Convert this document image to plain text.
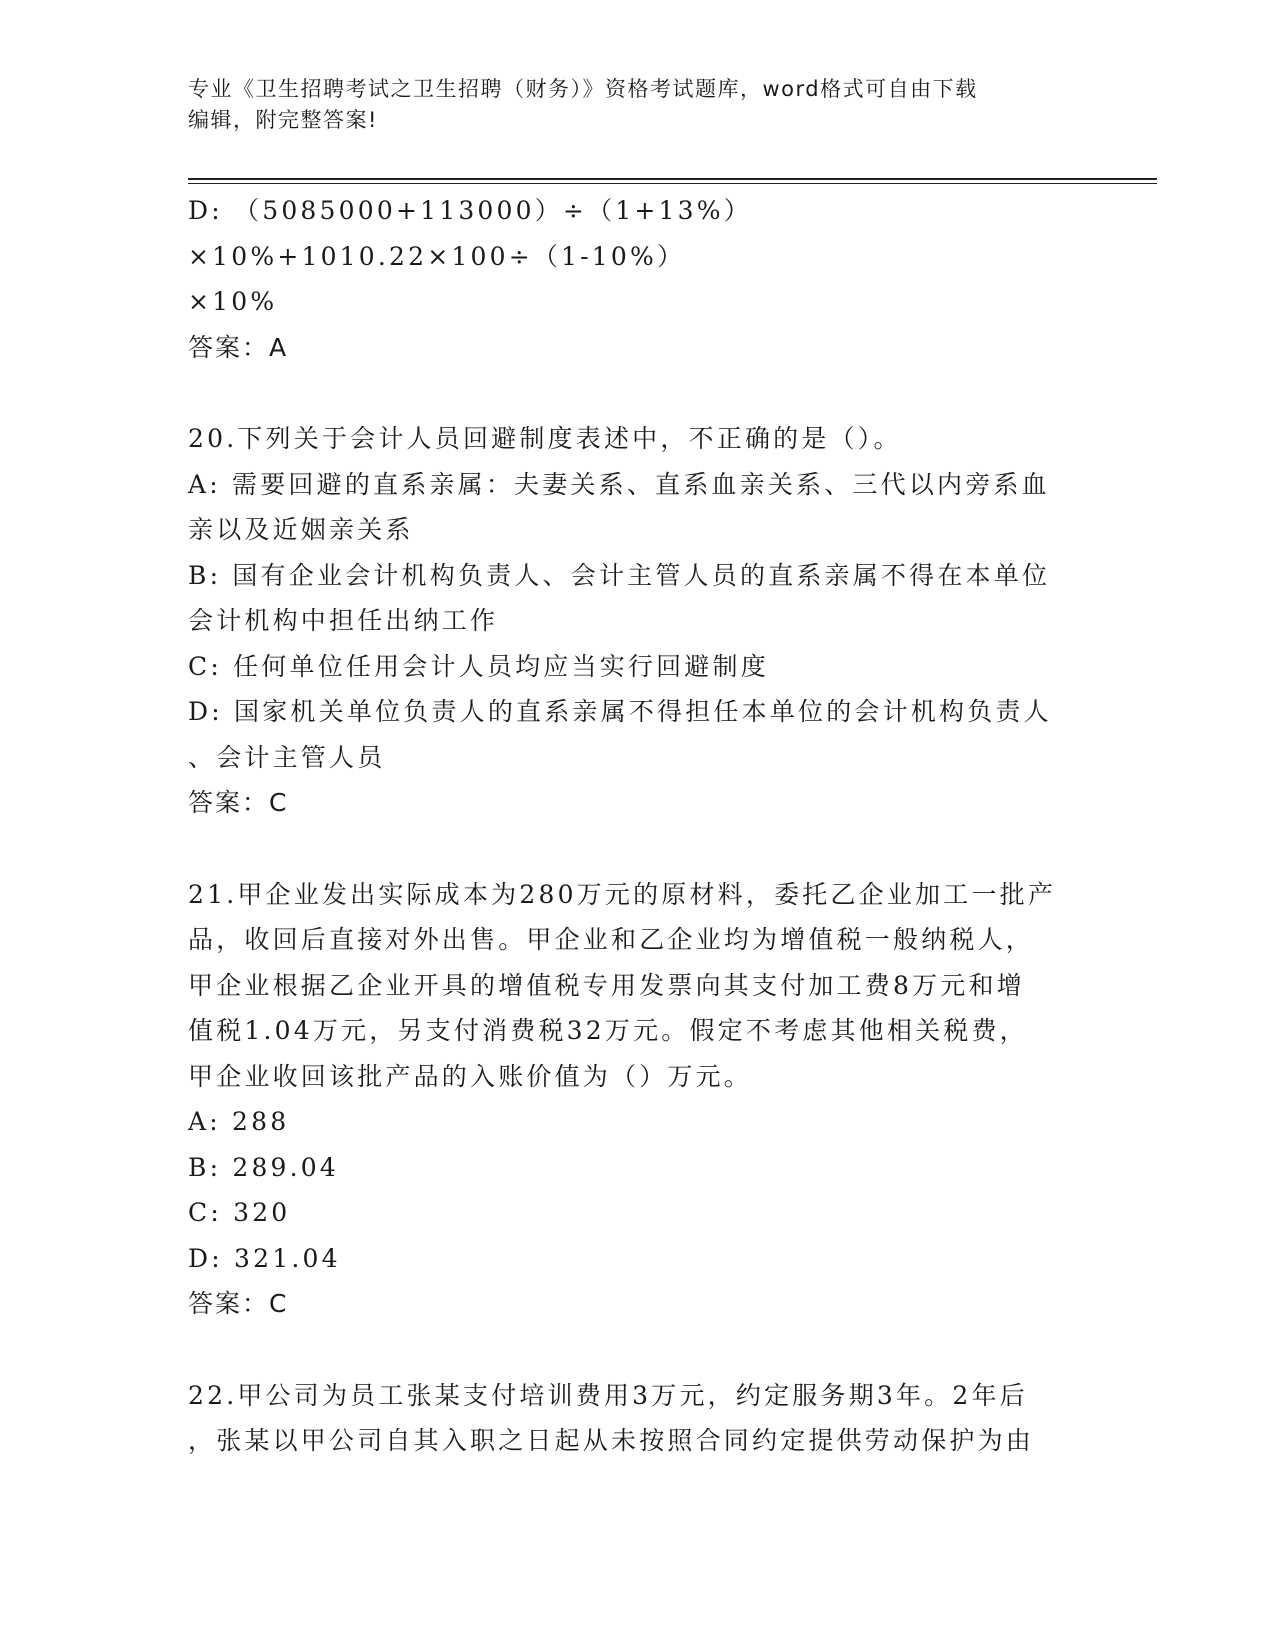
专业《卫生招聘考试之卫生招聘（财务）》资格考试题库，word格式可自由下载
编辑，附完整答案!

D: （5085000+113000）÷（1+13%）×10%+1010.22×100÷（1-10%）

×10%

答案：A

20.下列关于会计人员回避制度表述中，不正确的是（）。

A: 需要回避的直系亲属：夫妻关系、直系血亲关系、三代以内旁系血

亲以及近姻亲关系

B: 国有企业会计机构负责人、会计主管人员的直系亲属不得在本单位

会计机构中担任出纳工作

C: 任何单位任用会计人员均应当实行回避制度

D: 国家机关单位负责人的直系亲属不得担任本单位的会计机构负责人

、会计主管人员

答案：C

21.甲企业发出实际成本为280万元的原材料，委托乙企业加工一批产

品，收回后直接对外出售。甲企业和乙企业均为增值税一般纳税人，

甲企业根据乙企业开具的增值税专用发票向其支付加工费8万元和增

值税1.04万元，另支付消费税32万元。假定不考虑其他相关税费，

甲企业收回该批产品的入账价值为（）万元。

A: 288

B: 289.04

C: 320

D: 321.04

答案：C

22.甲公司为员工张某支付培训费用3万元，约定服务期3年。2年后

，张某以甲公司自其入职之日起从未按照合同约定提供劳动保护为由
